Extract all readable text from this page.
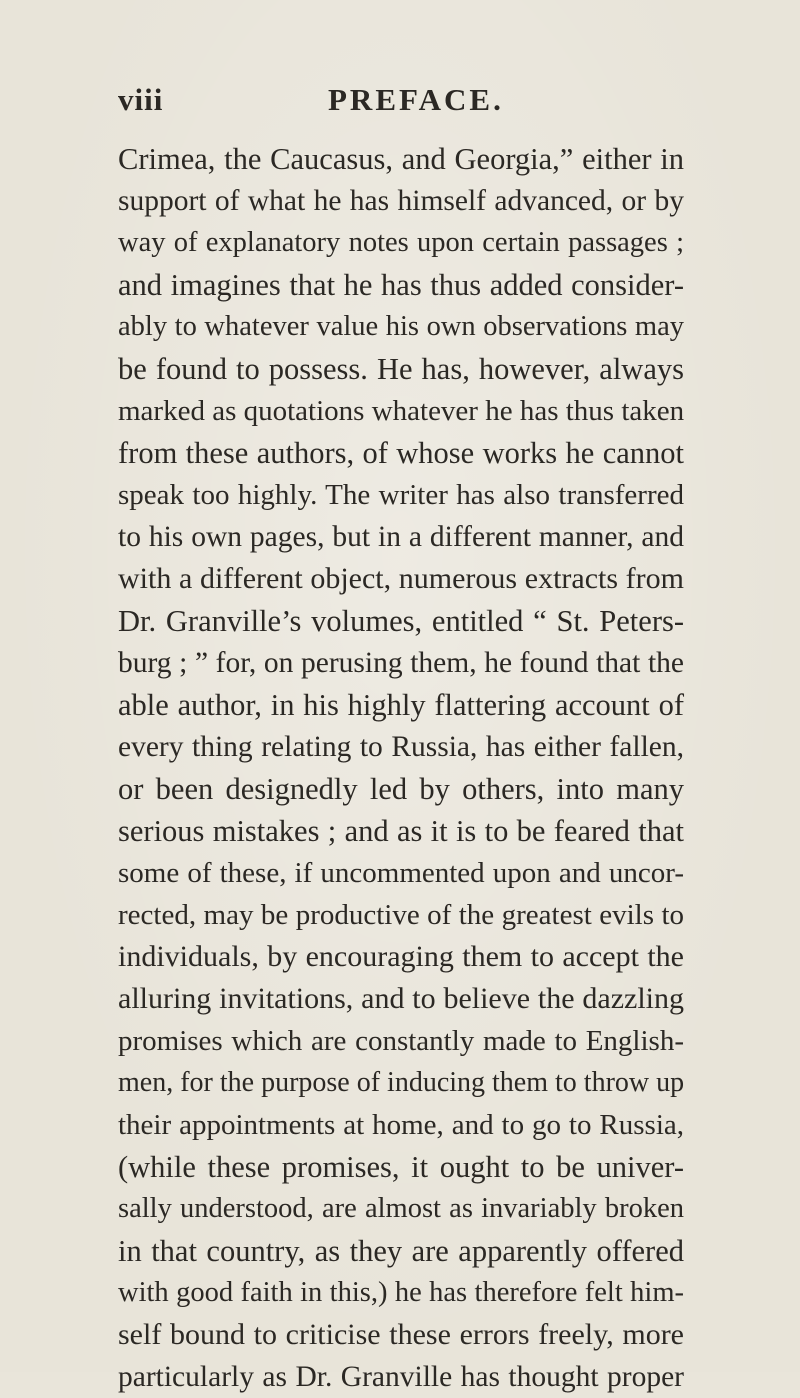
viii	PREFACE.
Crimea, the Caucasus, and Georgia,” either in
support of what he has himself advanced, or by
way of explanatory notes upon certain passages ;
and imagines that he has thus added consider-
ably to whatever value his own observations may
be found to possess. He has, however, always
marked as quotations whatever he has thus taken
from these authors, of whose works he cannot
speak too highly. The writer has also transferred
to his own pages, but in a different manner, and
with a different object, numerous extracts from
Dr. Granville’s volumes, entitled “ St. Peters-
burg ; ” for, on perusing them, he found that the
able author, in his highly flattering account of
every thing relating to Russia, has either fallen,
or been designedly led by others, into many
serious mistakes ; and as it is to be feared that
some of these, if uncommented upon and uncor-
rected, may be productive of the greatest evils to
individuals, by encouraging them to accept the
alluring invitations, and to believe the dazzling
promises which are constantly made to English-
men, for the purpose of inducing them to throw up
their appointments at home, and to go to Russia,
(while these promises, it ought to be univer-
sally understood, are almost as invariably broken
in that country, as they are apparently offered
with good faith in this,) he has therefore felt him-
self bound to criticise these errors freely, more
particularly as Dr. Granville has thought proper
